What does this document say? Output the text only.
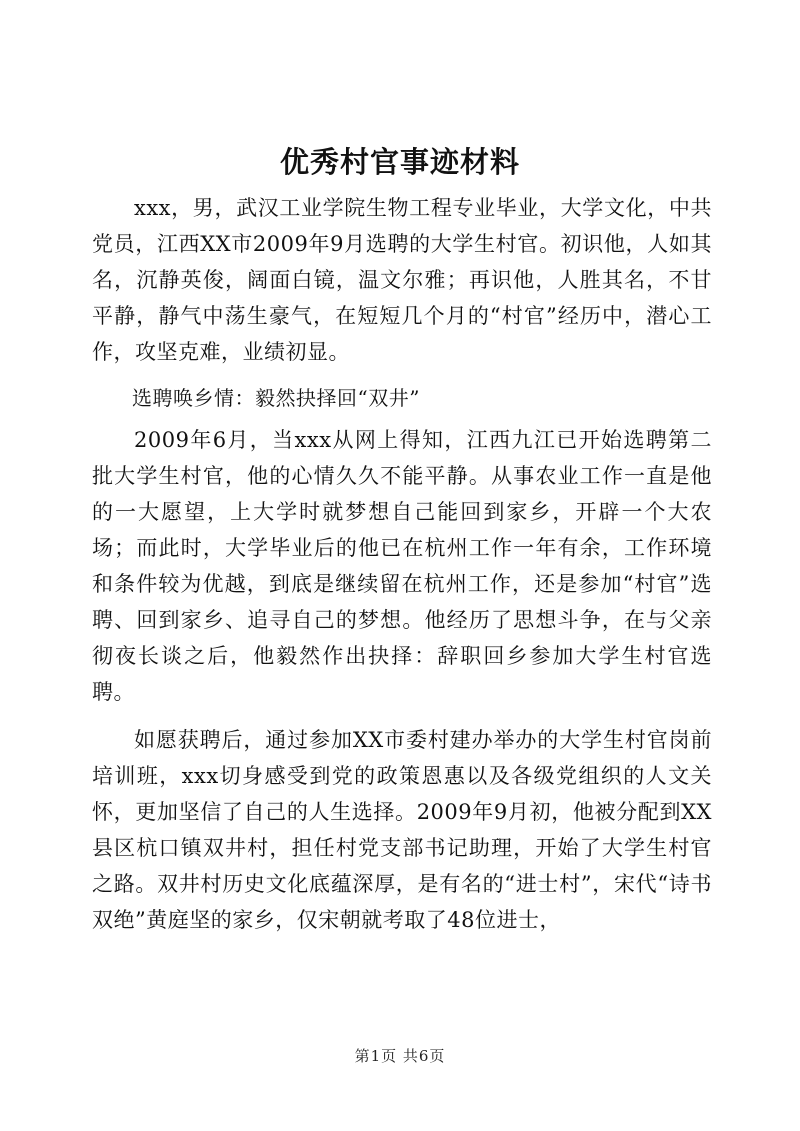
优秀村官事迹材料

xxx，男，武汉工业学院生物工程专业毕业，大学文化，中共党员，江西XX市2009年9月选聘的大学生村官。初识他，人如其名，沉静英俊，阔面白镜，温文尔雅；再识他，人胜其名，不甘平静，静气中荡生豪气，在短短几个月的“村官”经历中，潜心工作，攻坚克难，业绩初显。

选聘唤乡情：毅然抉择回“双井”

2009年6月，当xxx从网上得知，江西九江已开始选聘第二批大学生村官，他的心情久久不能平静。从事农业工作一直是他的一大愿望，上大学时就梦想自己能回到家乡，开辟一个大农场；而此时，大学毕业后的他已在杭州工作一年有余，工作环境和条件较为优越，到底是继续留在杭州工作，还是参加“村官”选聘、回到家乡、追寻自己的梦想。他经历了思想斗争，在与父亲彻夜长谈之后，他毅然作出抉择：辞职回乡参加大学生村官选聘。

如愿获聘后，通过参加XX市委村建办举办的大学生村官岗前培训班，xxx切身感受到党的政策恩惠以及各级党组织的人文关怀，更加坚信了自己的人生选择。2009年9月初，他被分配到XX县区杭口镇双井村，担任村党支部书记助理，开始了大学生村官之路。双井村历史文化底蕴深厚，是有名的“进士村”，宋代“诗书双绝”黄庭坚的家乡，仅宋朝就考取了48位进士，

第1页 共6页
